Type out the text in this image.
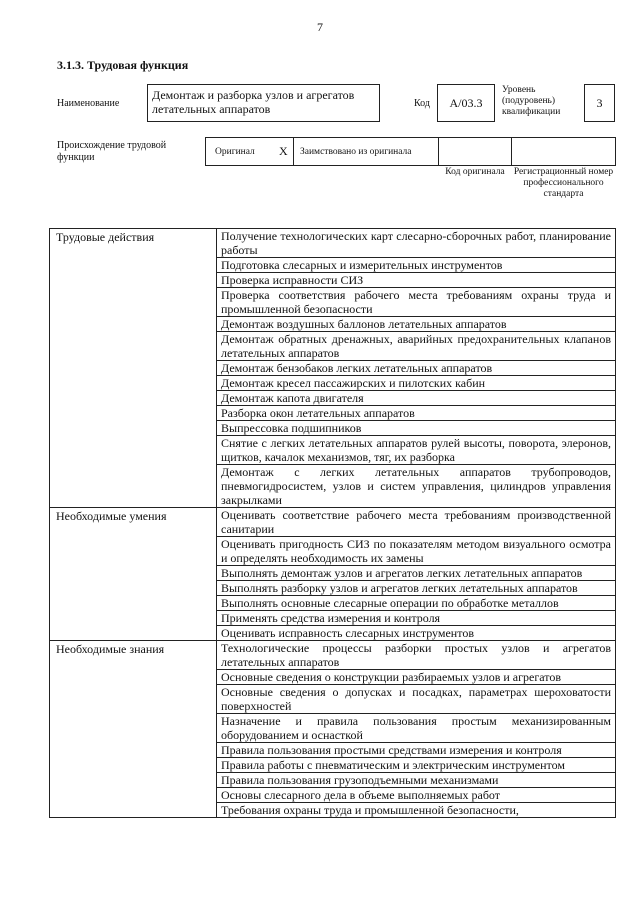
7
3.1.3. Трудовая функция
Наименование
Демонтаж и разборка узлов и агрегатов летательных аппаратов	Код	А/03.3
Уровень (подуровень) квалификации
3
Происхождение трудовой функции	Оригинал X Заимствовано из оригинала
Код оригинала Регистрационный номер профессионального стандарта
Трудовые действия	Получение технологических карт слесарно-сборочных работ, планирование работы
	Подготовка слесарных и измерительных инструментов
	Проверка исправности СИЗ
	Проверка соответствия рабочего места требованиям охраны труда и промышленной безопасности
	Демонтаж воздушных баллонов летательных аппаратов
	Демонтаж обратных дренажных, аварийных предохранительных клапанов летательных аппаратов
	Демонтаж бензобаков легких летательных аппаратов
	Демонтаж кресел пассажирских и пилотских кабин
	Демонтаж капота двигателя
	Разборка окон летательных аппаратов
	Выпрессовка подшипников
	Снятие с легких летательных аппаратов рулей высоты, поворота, элеронов, щитков, качалок механизмов, тяг, их разборка
	Демонтаж с легких летательных аппаратов трубопроводов, пневмогидросистем, узлов и систем управления, цилиндров управления закрылками
Необходимые умения	Оценивать соответствие рабочего места требованиям производственной санитарии
	Оценивать пригодность СИЗ по показателям методом визуального осмотра и определять необходимость их замены
	Выполнять демонтаж узлов и агрегатов легких летательных аппаратов
	Выполнять разборку узлов и агрегатов легких летательных аппаратов
	Выполнять основные слесарные операции по обработке металлов
	Применять средства измерения и контроля
	Оценивать исправность слесарных инструментов
Необходимые знания	Технологические процессы разборки простых узлов и агрегатов летательных аппаратов
	Основные сведения о конструкции разбираемых узлов и агрегатов
	Основные сведения о допусках и посадках, параметрах шероховатости поверхностей
	Назначение и правила пользования простым механизированным оборудованием и оснасткой
	Правила пользования простыми средствами измерения и контроля
	Правила работы с пневматическим и электрическим инструментом
	Правила пользования грузоподъемными механизмами
	Основы слесарного дела в объеме выполняемых работ
	Требования охраны труда и промышленной безопасности,
